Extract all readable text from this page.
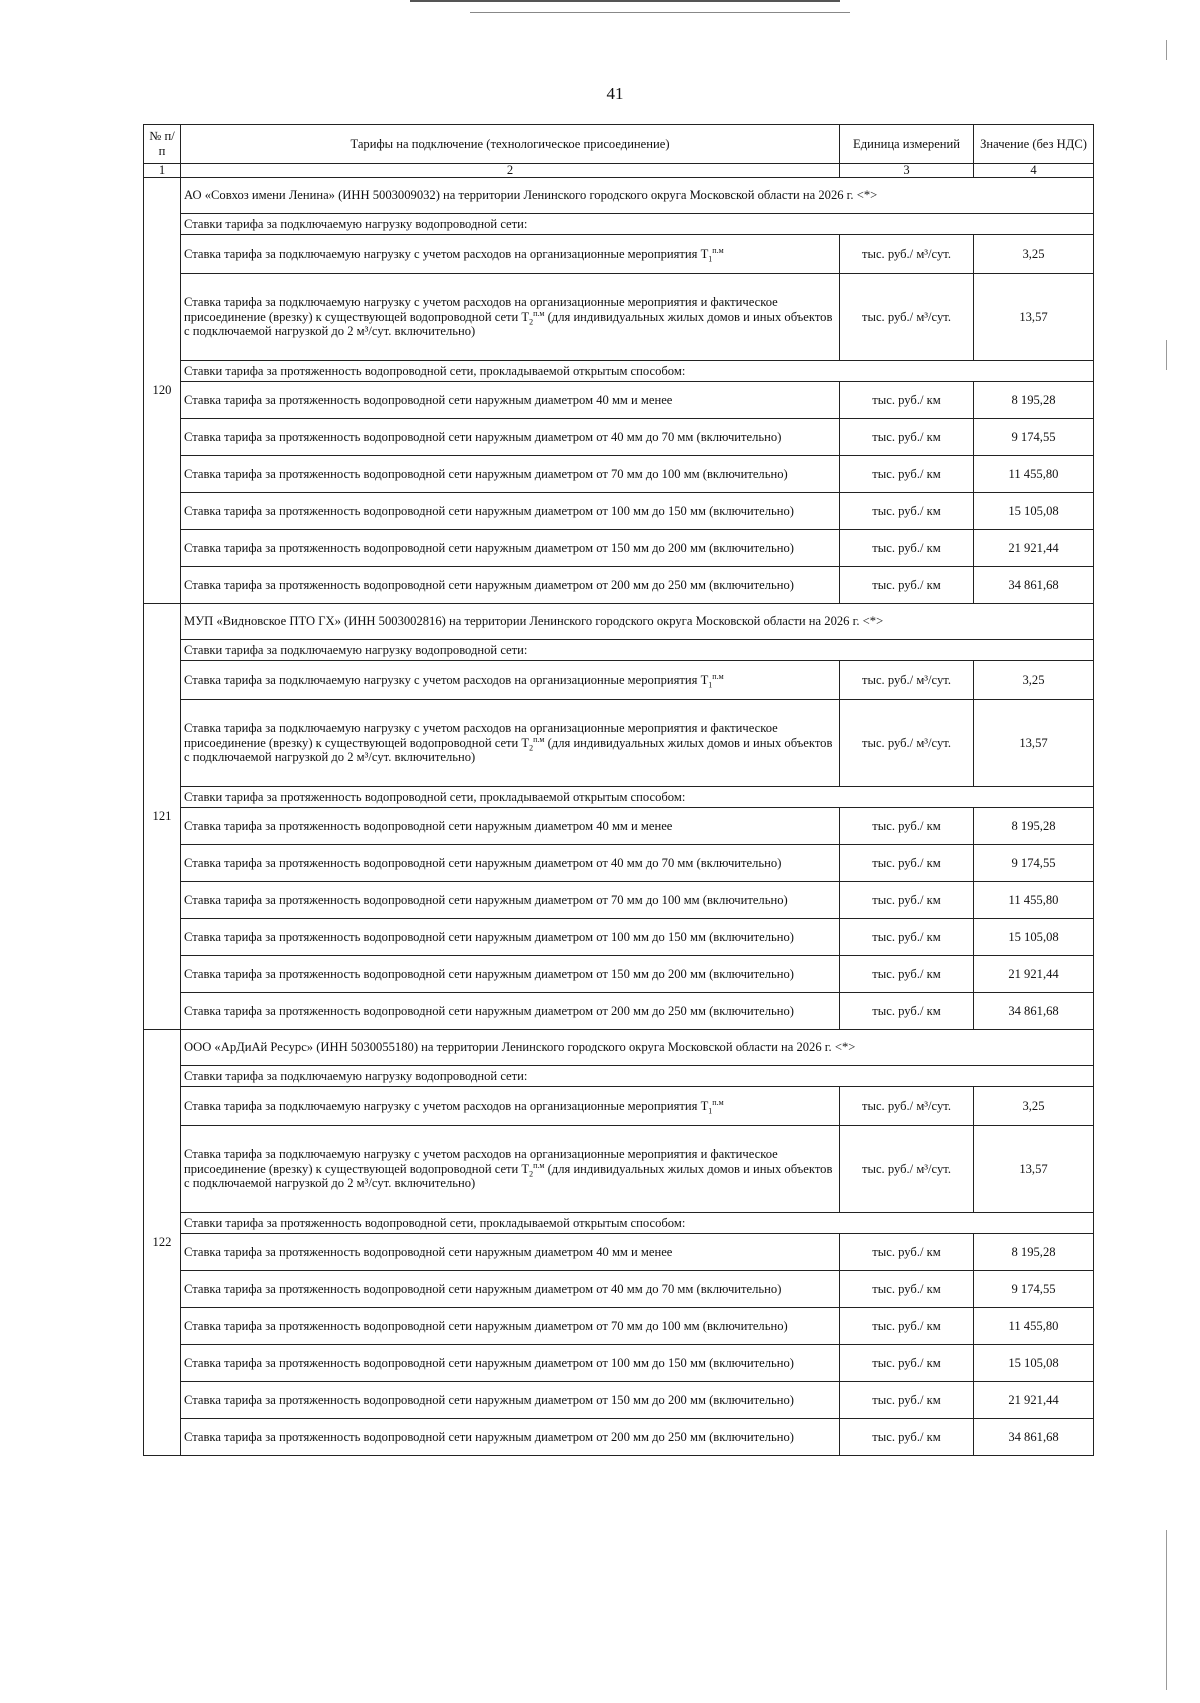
41
№ п/п	Тарифы на подключение (технологическое присоединение)	Единица измерений	Значение (без НДС)
1	2	3	4
120	АО «Совхоз имени Ленина» (ИНН 5003009032) на территории Ленинского городского округа Московской области на 2026 г. <*>		
	Ставки тарифа за подключаемую нагрузку водопроводной сети:		
	Ставка тарифа за подключаемую нагрузку с учетом расходов на организационные мероприятия $T_1^{п.м}$	тыс. руб./ м³/сут.	3,25
	Ставка тарифа за подключаемую нагрузку с учетом расходов на организационные мероприятия и фактическое присоединение (врезку) к существующей водопроводной сети $T_2^{п.м}$ (для индивидуальных жилых домов и иных объектов с подключаемой нагрузкой до 2 м³/сут. включительно)	тыс. руб./ м³/сут.	13,57
	Ставки тарифа за протяженность водопроводной сети, прокладываемой открытым способом:		
	Ставка тарифа за протяженность водопроводной сети наружным диаметром 40 мм и менее	тыс. руб./ км	8 195,28
	Ставка тарифа за протяженность водопроводной сети наружным диаметром от 40 мм до 70 мм (включительно)	тыс. руб./ км	9 174,55
	Ставка тарифа за протяженность водопроводной сети наружным диаметром от 70 мм до 100 мм (включительно)	тыс. руб./ км	11 455,80
	Ставка тарифа за протяженность водопроводной сети наружным диаметром от 100 мм до 150 мм (включительно)	тыс. руб./ км	15 105,08
	Ставка тарифа за протяженность водопроводной сети наружным диаметром от 150 мм до 200 мм (включительно)	тыс. руб./ км	21 921,44
	Ставка тарифа за протяженность водопроводной сети наружным диаметром от 200 мм до 250 мм (включительно)	тыс. руб./ км	34 861,68
121	МУП «Видновское ПТО ГХ» (ИНН 5003002816) на территории Ленинского городского округа Московской области на 2026 г. <*>		
	Ставки тарифа за подключаемую нагрузку водопроводной сети:		
	Ставка тарифа за подключаемую нагрузку с учетом расходов на организационные мероприятия $T_1^{п.м}$	тыс. руб./ м³/сут.	3,25
	Ставка тарифа за подключаемую нагрузку с учетом расходов на организационные мероприятия и фактическое присоединение (врезку) к существующей водопроводной сети $T_2^{п.м}$ (для индивидуальных жилых домов и иных объектов с подключаемой нагрузкой до 2 м³/сут. включительно)	тыс. руб./ м³/сут.	13,57
	Ставки тарифа за протяженность водопроводной сети, прокладываемой открытым способом:		
	Ставка тарифа за протяженность водопроводной сети наружным диаметром 40 мм и менее	тыс. руб./ км	8 195,28
	Ставка тарифа за протяженность водопроводной сети наружным диаметром от 40 мм до 70 мм (включительно)	тыс. руб./ км	9 174,55
	Ставка тарифа за протяженность водопроводной сети наружным диаметром от 70 мм до 100 мм (включительно)	тыс. руб./ км	11 455,80
	Ставка тарифа за протяженность водопроводной сети наружным диаметром от 100 мм до 150 мм (включительно)	тыс. руб./ км	15 105,08
	Ставка тарифа за протяженность водопроводной сети наружным диаметром от 150 мм до 200 мм (включительно)	тыс. руб./ км	21 921,44
	Ставка тарифа за протяженность водопроводной сети наружным диаметром от 200 мм до 250 мм (включительно)	тыс. руб./ км	34 861,68
122	ООО «АрДиАй Ресурс» (ИНН 5030055180) на территории Ленинского городского округа Московской области на 2026 г. <*>		
	Ставки тарифа за подключаемую нагрузку водопроводной сети:		
	Ставка тарифа за подключаемую нагрузку с учетом расходов на организационные мероприятия $T_1^{п.м}$	тыс. руб./ м³/сут.	3,25
	Ставка тарифа за подключаемую нагрузку с учетом расходов на организационные мероприятия и фактическое присоединение (врезку) к существующей водопроводной сети $T_2^{п.м}$ (для индивидуальных жилых домов и иных объектов с подключаемой нагрузкой до 2 м³/сут. включительно)	тыс. руб./ м³/сут.	13,57
	Ставки тарифа за протяженность водопроводной сети, прокладываемой открытым способом:		
	Ставка тарифа за протяженность водопроводной сети наружным диаметром 40 мм и менее	тыс. руб./ км	8 195,28
	Ставка тарифа за протяженность водопроводной сети наружным диаметром от 40 мм до 70 мм (включительно)	тыс. руб./ км	9 174,55
	Ставка тарифа за протяженность водопроводной сети наружным диаметром от 70 мм до 100 мм (включительно)	тыс. руб./ км	11 455,80
	Ставка тарифа за протяженность водопроводной сети наружным диаметром от 100 мм до 150 мм (включительно)	тыс. руб./ км	15 105,08
	Ставка тарифа за протяженность водопроводной сети наружным диаметром от 150 мм до 200 мм (включительно)	тыс. руб./ км	21 921,44
	Ставка тарифа за протяженность водопроводной сети наружным диаметром от 200 мм до 250 мм (включительно)	тыс. руб./ км	34 861,68
